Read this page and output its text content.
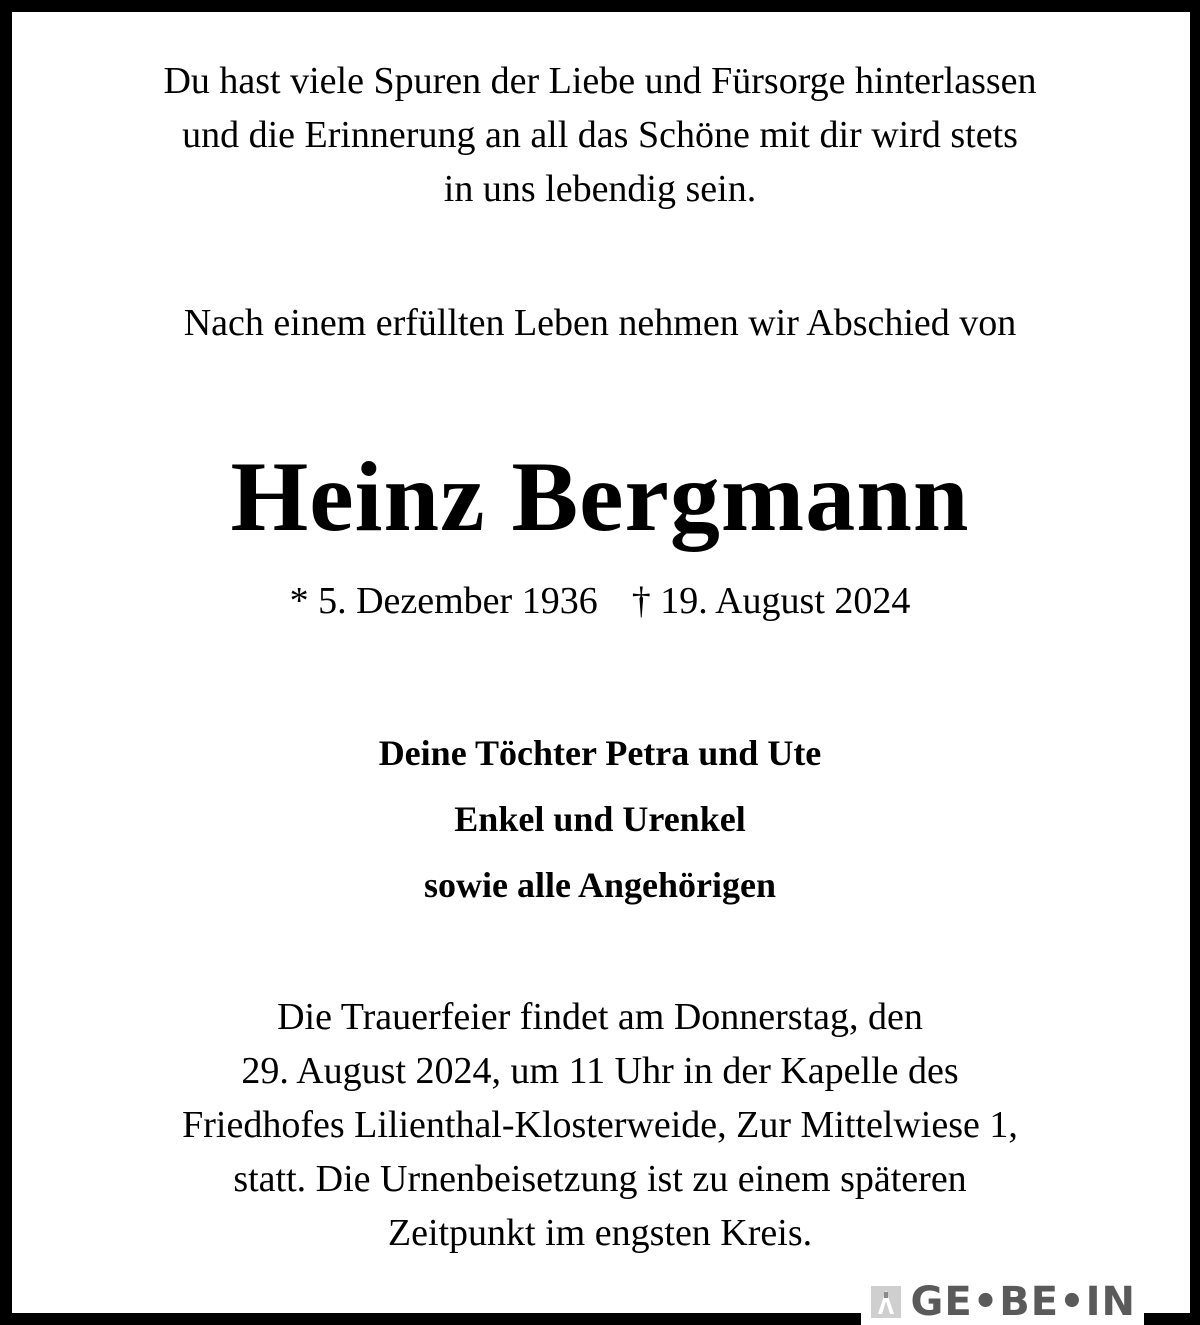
Du hast viele Spuren der Liebe und Fürsorge hinterlassen
und die Erinnerung an all das Schöne mit dir wird stets
in uns lebendig sein.
Nach einem erfüllten Leben nehmen wir Abschied von
Heinz Bergmann
* 5. Dezember 1936 † 19. August 2024
Deine Töchter Petra und Ute
Enkel und Urenkel
sowie alle Angehörigen
Die Trauerfeier findet am Donnerstag, den
29. August 2024, um 11 Uhr in der Kapelle des
Friedhofes Lilienthal-Klosterweide, Zur Mittelwiese 1,
statt. Die Urnenbeisetzung ist zu einem späteren
Zeitpunkt im engsten Kreis.
GE•BE•IN
